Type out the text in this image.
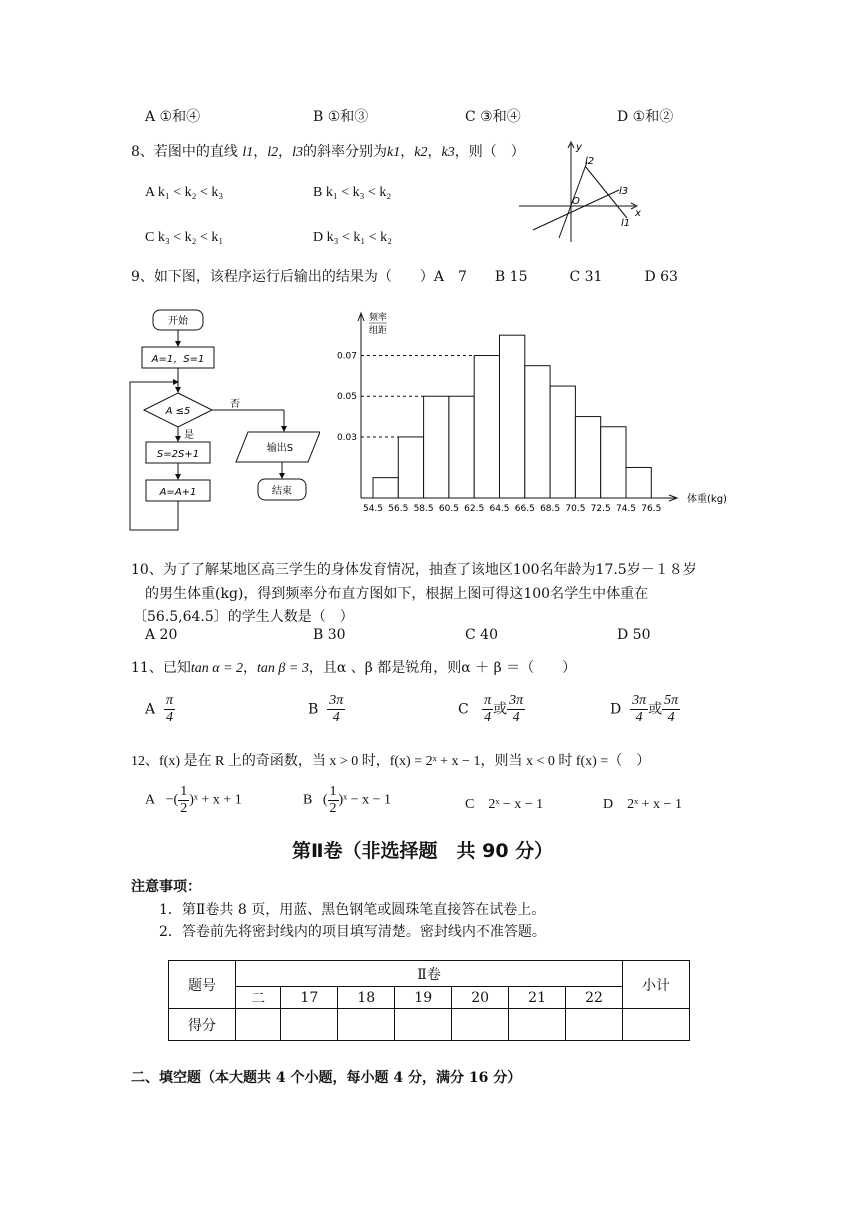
A ①和④	B ①和③	C ③和④	D ①和②
8、若图中的直线 l1，l2，l3的斜率分别为k1，k2，k3，则（　）
A k₁ < k₂ < k₃	B k₁ < k₃ < k₂
C k₃ < k₂ < k₁	D k₃ < k₁ < k₂
y
x
O
l2
l3
l1
9、如下图，该程序运行后输出的结果为（　　）A　7　　B 15　　　C 31　　　D 63
开始
A=1，S=1
A ≤5
否
是
S=2S+1
A=A+1
输出S
结束
频率
组距
体重(kg)
0.07
0.05
0.03
54.5 56.5 58.5 60.5 62.5 64.5 66.5 68.5 70.5 72.5 74.5 76.5
10、为了了解某地区高三学生的身体发育情况，抽查了该地区100名年龄为17.5岁－１８岁
的男生体重(kg)，得到频率分布直方图如下，根据上图可得这100名学生中体重在
〔56.5,64.5〕的学生人数是（　）
A 20	B 30	C 40	D 50
11、已知tan α = 2，tan β = 3，且α 、β 都是锐角，则α ＋ β ＝（　　）
A $\frac{\pi}{4}$	B $\frac{3\pi}{4}$	C $\frac{\pi}{4}$ 或 $\frac{3\pi}{4}$	D $\frac{3\pi}{4}$ 或 $\frac{5\pi}{4}$
12、f(x) 是在 R 上的奇函数，当 x > 0 时，f(x) = 2ˣ + x − 1，则当 x < 0 时 f(x) =（　）
A −( $\frac{1}{2}$ )ˣ + x + 1	B ( $\frac{1}{2}$ )ˣ − x − 1	C　2ˣ − x − 1	D　2ˣ + x − 1
第Ⅱ卷（非选择题　共 90 分）
注意事项：
1．第Ⅱ卷共 8 页，用蓝、黑色钢笔或圆珠笔直接答在试卷上。
2．答卷前先将密封线内的项目填写清楚。密封线内不准答题。
题号	Ⅱ卷							小计
	二	17	18	19	20	21	22	
得分								
二、填空题（本大题共 4 个小题，每小题 4 分，满分 16 分）
